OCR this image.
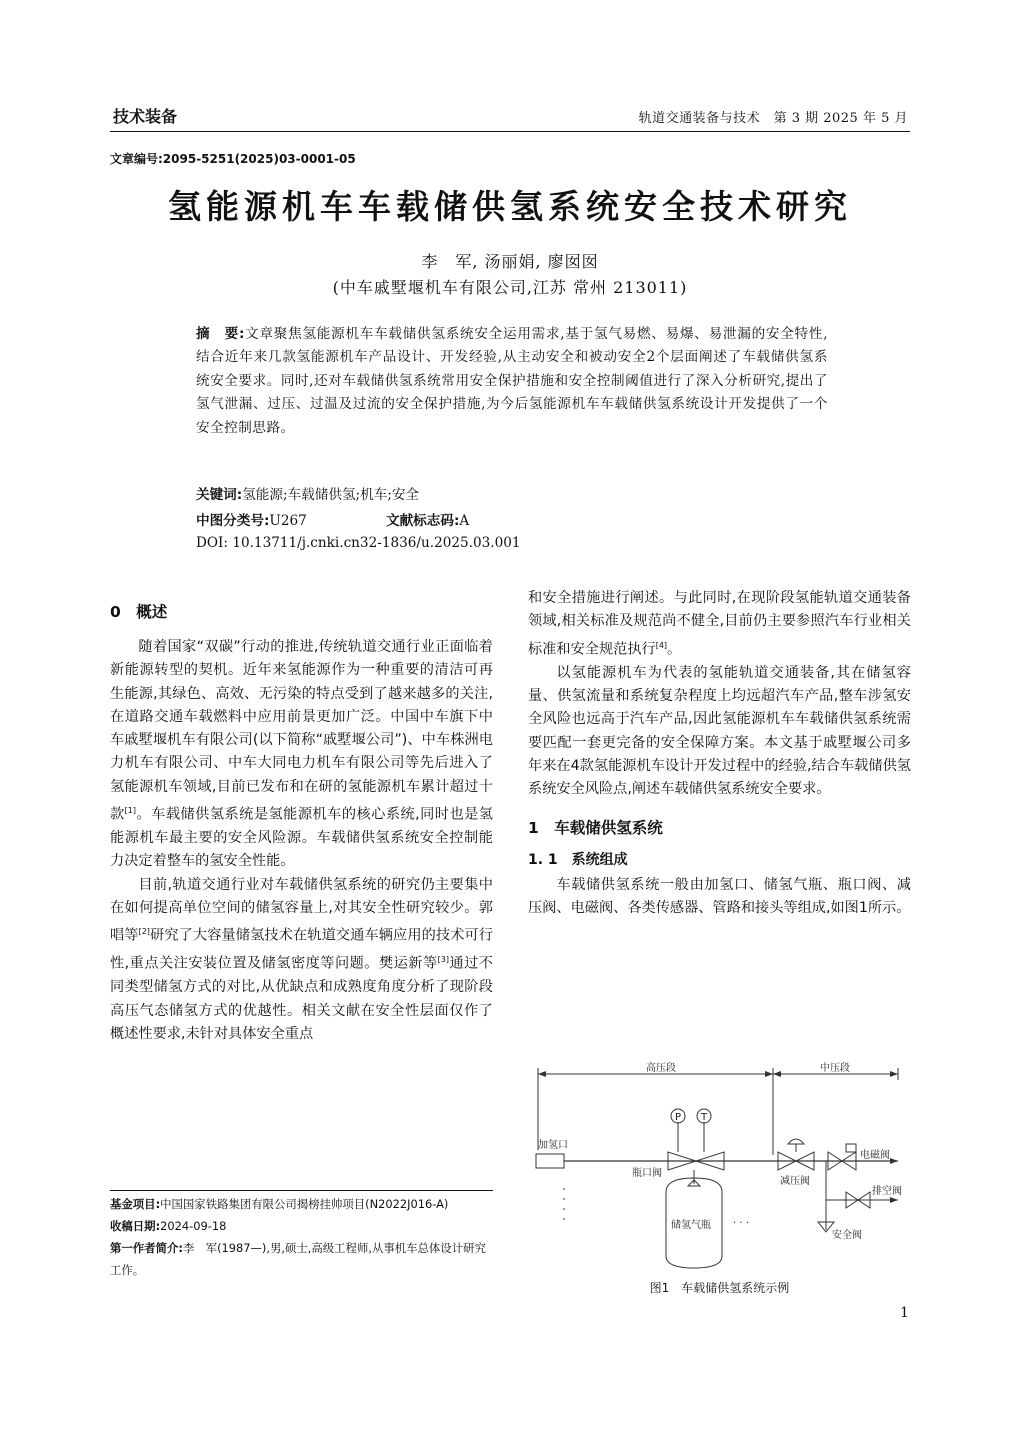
技术装备	轨道交通装备与技术　第 3 期 2025 年 5 月
文章编号:2095-5251(2025)03-0001-05
氢能源机车车载储供氢系统安全技术研究
李　军, 汤丽娟, 廖囡囡
(中车戚墅堰机车有限公司,江苏 常州 213011)
摘　要:文章聚焦氢能源机车车载储供氢系统安全运用需求,基于氢气易燃、易爆、易泄漏的安全特性,结合近年来几款氢能源机车产品设计、开发经验,从主动安全和被动安全2个层面阐述了车载储供氢系统安全要求。同时,还对车载储供氢系统常用安全保护措施和安全控制阈值进行了深入分析研究,提出了氢气泄漏、过压、过温及过流的安全保护措施,为今后氢能源机车车载储供氢系统设计开发提供了一个安全控制思路。
关键词:氢能源;车载储供氢;机车;安全
中图分类号:U267	文献标志码:A
DOI: 10.13711/j.cnki.cn32-1836/u.2025.03.001
0　概述

随着国家“双碳”行动的推进,传统轨道交通行业正面临着新能源转型的契机。近年来氢能源作为一种重要的清洁可再生能源,其绿色、高效、无污染的特点受到了越来越多的关注,在道路交通车载燃料中应用前景更加广泛。中国中车旗下中车戚墅堰机车有限公司(以下简称“戚墅堰公司”)、中车株洲电力机车有限公司、中车大同电力机车有限公司等先后进入了氢能源机车领域,目前已发布和在研的氢能源机车累计超过十款[1]。车载储供氢系统是氢能源机车的核心系统,同时也是氢能源机车最主要的安全风险源。车载储供氢系统安全控制能力决定着整车的氢安全性能。

目前,轨道交通行业对车载储供氢系统的研究仍主要集中在如何提高单位空间的储氢容量上,对其安全性研究较少。郭唱等[2]研究了大容量储氢技术在轨道交通车辆应用的技术可行性,重点关注安装位置及储氢密度等问题。樊运新等[3]通过不同类型储氢方式的对比,从优缺点和成熟度角度分析了现阶段高压气态储氢方式的优越性。相关文献在安全性层面仅作了概述性要求,未针对具体安全重点

基金项目:中国国家铁路集团有限公司揭榜挂帅项目(N2022J016-A)

收稿日期:2024-09-18

第一作者简介:李　军(1987—),男,硕士,高级工程师,从事机车总体设计研究工作。

和安全措施进行阐述。与此同时,在现阶段氢能轨道交通装备领域,相关标准及规范尚不健全,目前仍主要参照汽车行业相关标准和安全规范执行[4]。

以氢能源机车为代表的氢能轨道交通装备,其在储氢容量、供氢流量和系统复杂程度上均远超汽车产品,整车涉氢安全风险也远高于汽车产品,因此氢能源机车车载储供氢系统需要匹配一套更完备的安全保障方案。本文基于戚墅堰公司多年来在4款氢能源机车设计开发过程中的经验,结合车载储供氢系统安全风险点,阐述车载储供氢系统安全要求。

1　车载储供氢系统
1. 1　系统组成

车载储供氢系统一般由加氢口、储氢气瓶、瓶口阀、减压阀、电磁阀、各类传感器、管路和接头等组成,如图1所示。

高压段	中压段
加氢口
瓶口阀
储氢气瓶
减压阀
电磁阀
排空阀
安全阀
P T
· · ·
图1　车载储供氢系统示例
1
